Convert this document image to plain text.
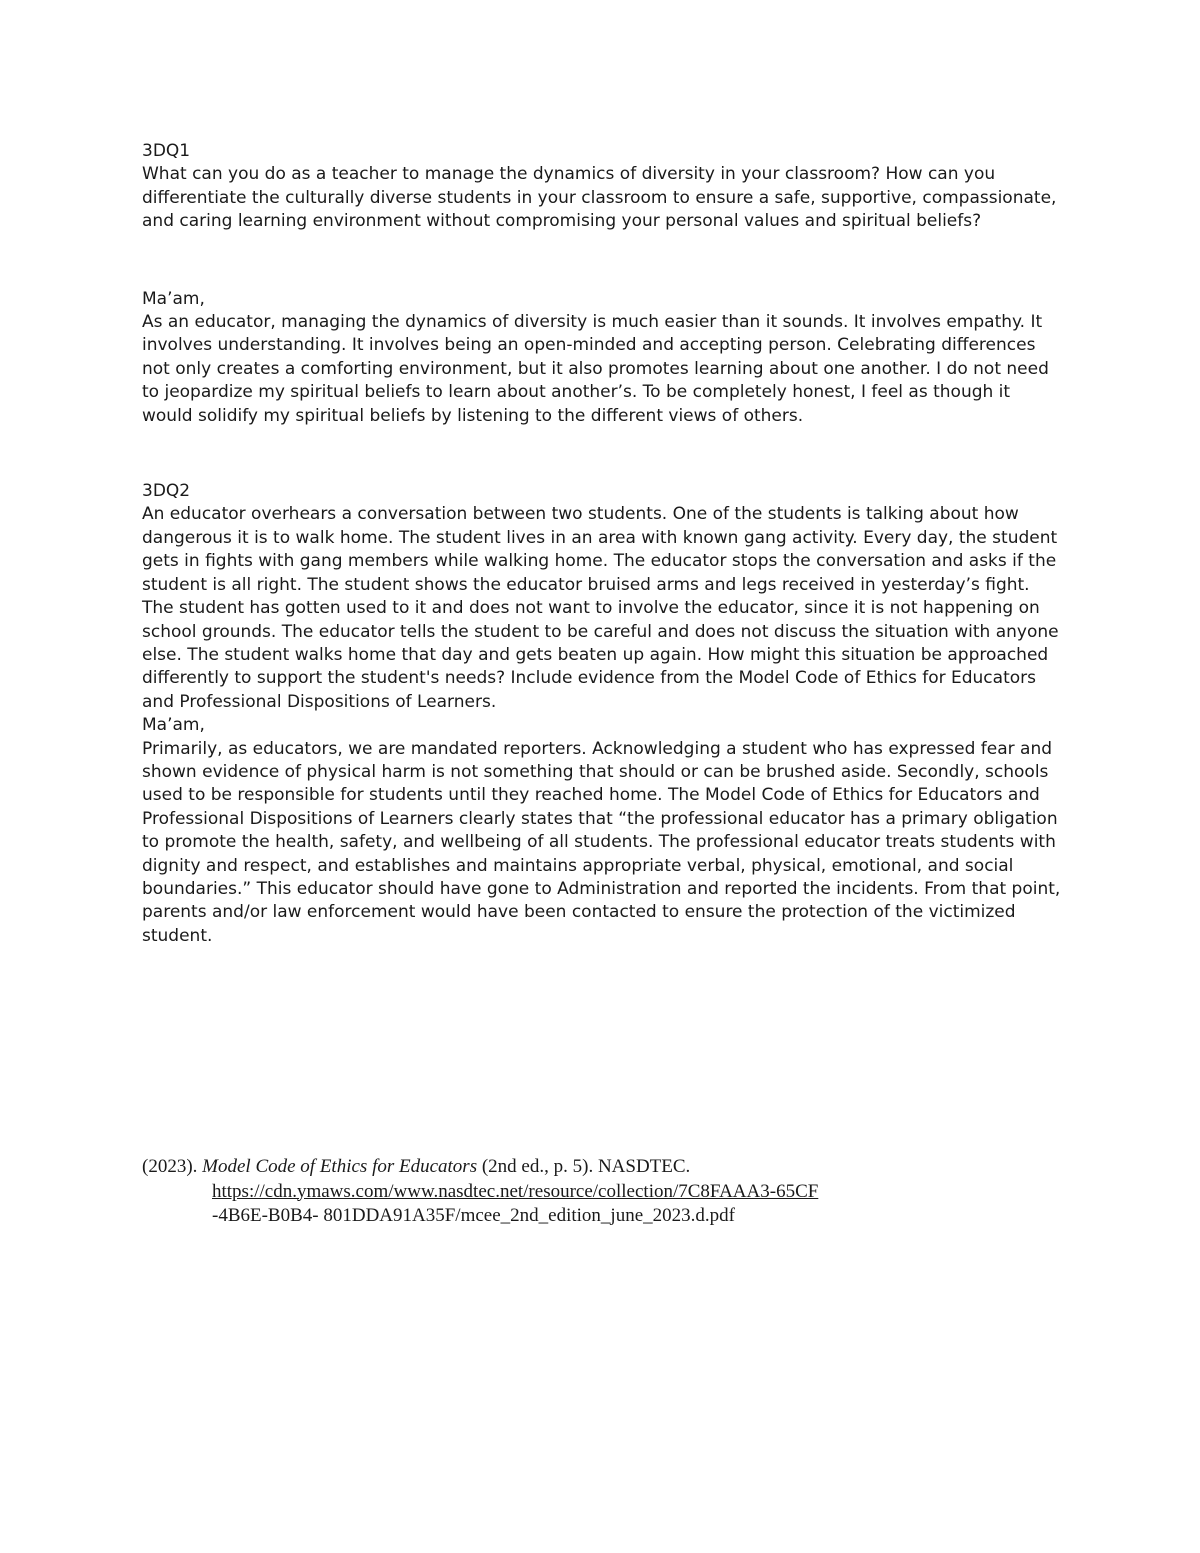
3DQ1

What can you do as a teacher to manage the dynamics of diversity in your classroom? How can you differentiate the culturally diverse students in your classroom to ensure a safe, supportive, compassionate, and caring learning environment without compromising your personal values and spiritual beliefs?

Ma’am,

As an educator, managing the dynamics of diversity is much easier than it sounds. It involves empathy. It involves understanding. It involves being an open-minded and accepting person. Celebrating differences not only creates a comforting environment, but it also promotes learning about one another. I do not need to jeopardize my spiritual beliefs to learn about another’s. To be completely honest, I feel as though it would solidify my spiritual beliefs by listening to the different views of others.

3DQ2

An educator overhears a conversation between two students. One of the students is talking about how dangerous it is to walk home. The student lives in an area with known gang activity. Every day, the student gets in fights with gang members while walking home. The educator stops the conversation and asks if the student is all right. The student shows the educator bruised arms and legs received in yesterday’s fight. The student has gotten used to it and does not want to involve the educator, since it is not happening on school grounds. The educator tells the student to be careful and does not discuss the situation with anyone else. The student walks home that day and gets beaten up again. How might this situation be approached differently to support the student's needs? Include evidence from the Model Code of Ethics for Educators and Professional Dispositions of Learners.

Ma’am,

Primarily, as educators, we are mandated reporters. Acknowledging a student who has expressed fear and shown evidence of physical harm is not something that should or can be brushed aside. Secondly, schools used to be responsible for students until they reached home. The Model Code of Ethics for Educators and Professional Dispositions of Learners clearly states that “the professional educator has a primary obligation to promote the health, safety, and wellbeing of all students. The professional educator treats students with dignity and respect, and establishes and maintains appropriate verbal, physical, emotional, and social boundaries.” This educator should have gone to Administration and reported the incidents. From that point, parents and/or law enforcement would have been contacted to ensure the protection of the victimized student.

(2023). Model Code of Ethics for Educators (2nd ed., p. 5). NASDTEC.
https://cdn.ymaws.com/www.nasdtec.net/resource/collection/7C8FAAA3-65CF
-4B6E-B0B4- 801DDA91A35F/mcee_2nd_edition_june_2023.d.pdf
